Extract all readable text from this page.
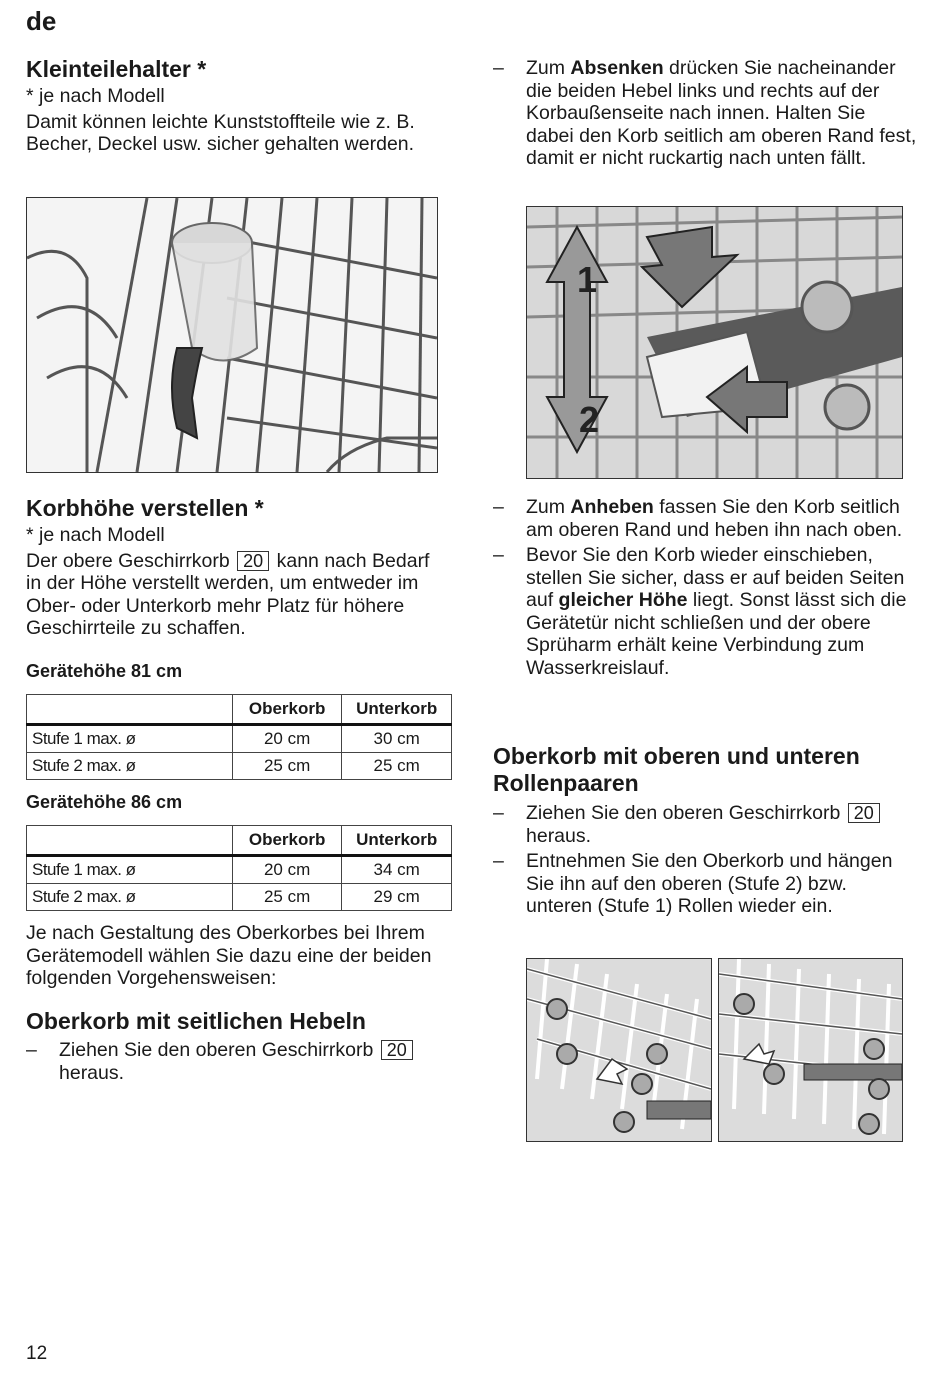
de
Kleinteilehalter *

* je nach Modell

Damit können leichte Kunststoffteile wie z. B. Becher, Deckel usw. sicher gehalten werden.

– Zum Absenken drücken Sie nacheinander die beiden Hebel links und rechts auf der Korbaußenseite nach innen. Halten Sie dabei den Korb seitlich am oberen Rand fest, damit er nicht ruckartig nach unten fällt.
1
2
Korbhöhe verstellen *

* je nach Modell

Der obere Geschirrkorb 20 kann nach Bedarf in der Höhe verstellt werden, um entweder im Ober- oder Unterkorb mehr Platz für höhere Geschirrteile zu schaffen.

Gerätehöhe 81 cm
	Oberkorb	Unterkorb
Stufe 1 max. ø	20 cm	30 cm
Stufe 2 max. ø	25 cm	25 cm
Gerätehöhe 86 cm
	Oberkorb	Unterkorb
Stufe 1 max. ø	20 cm	34 cm
Stufe 2 max. ø	25 cm	29 cm

Je nach Gestaltung des Oberkorbes bei Ihrem Gerätemodell wählen Sie dazu eine der beiden folgenden Vorgehensweisen:

Oberkorb mit seitlichen Hebeln
– Ziehen Sie den oberen Geschirrkorb 20 heraus.
– Zum Anheben fassen Sie den Korb seitlich am oberen Rand und heben ihn nach oben.
– Bevor Sie den Korb wieder einschieben, stellen Sie sicher, dass er auf beiden Seiten auf gleicher Höhe liegt. Sonst lässt sich die Gerätetür nicht schließen und der obere Sprüharm erhält keine Verbindung zum Wasserkreislauf.
Oberkorb mit oberen und unteren Rollenpaaren
– Ziehen Sie den oberen Geschirrkorb 20 heraus.
– Entnehmen Sie den Oberkorb und hängen Sie ihn auf den oberen (Stufe 2) bzw. unteren (Stufe 1) Rollen wieder ein.
12
